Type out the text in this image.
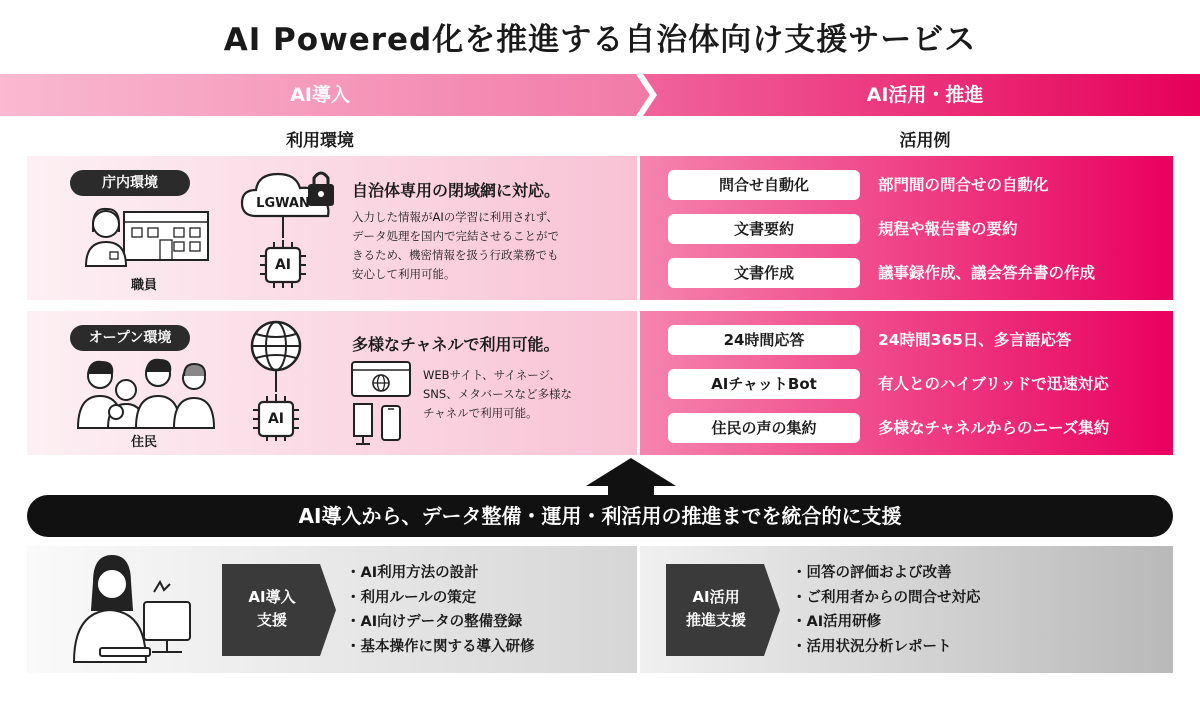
AI Powered化を推進する自治体向け支援サービス
AI導入	AI活用・推進
利用環境	活用例
庁内環境
職員
LGWAN
AI
自治体専用の閉域網に対応。
入力した情報がAIの学習に利用されず、
データ処理を国内で完結させることがで
きるため、機密情報を扱う行政業務でも
安心して利用可能。
オープン環境
住民
AI
多様なチャネルで利用可能。
WEBサイト、サイネージ、
SNS、メタバースなど多様な
チャネルで利用可能。
問合せ自動化	部門間の問合せの自動化
文書要約	規程や報告書の要約
文書作成	議事録作成、議会答弁書の作成
24時間応答	24時間365日、多言語応答
AIチャットBot	有人とのハイブリッドで迅速対応
住民の声の集約	多様なチャネルからのニーズ集約
AI導入から、データ整備・運用・利活用の推進までを統合的に支援
AI導入
支援
・ AI利用方法の設計
・ 利用ルールの策定
・ AI向けデータの整備登録
・ 基本操作に関する導入研修
AI活用
推進支援
・ 回答の評価および改善
・ ご利用者からの問合せ対応
・ AI活用研修
・ 活用状況分析レポート
